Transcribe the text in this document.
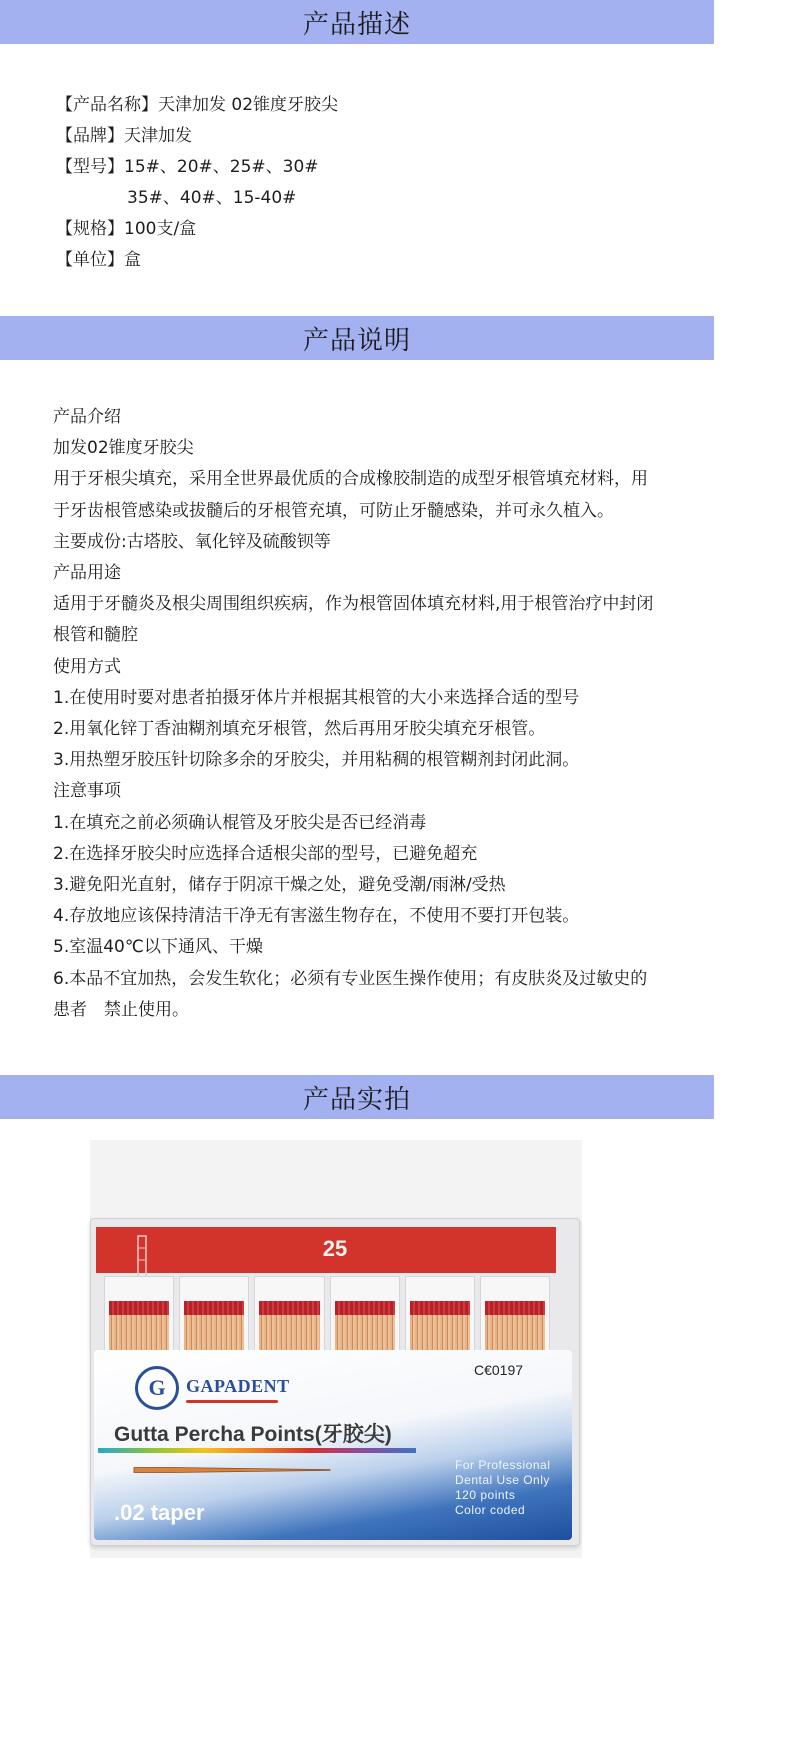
产品描述
【产品名称】天津加发 02锥度牙胶尖
【品牌】天津加发
【型号】15#、20#、25#、30#
35#、40#、15-40#
【规格】100支/盒
【单位】盒
产品说明

产品介绍

加发02锥度牙胶尖

用于牙根尖填充，采用全世界最优质的合成橡胶制造的成型牙根管填充材料，用于牙齿根管感染或拔髓后的牙根管充填，可防止牙髓感染，并可永久植入。

主要成份:古塔胶、氧化锌及硫酸钡等

产品用途

适用于牙髓炎及根尖周围组织疾病，作为根管固体填充材料,用于根管治疗中封闭根管和髓腔

使用方式

1.在使用时要对患者拍摄牙体片并根据其根管的大小来选择合适的型号

2.用氧化锌丁香油糊剂填充牙根管，然后再用牙胶尖填充牙根管。

3.用热塑牙胶压针切除多余的牙胶尖，并用粘稠的根管糊剂封闭此洞。

注意事项

1.在填充之前必须确认棍管及牙胶尖是否已经消毒

2.在选择牙胶尖时应选择合适根尖部的型号，已避免超充

3.避免阳光直射，储存于阴凉干燥之处，避免受潮/雨淋/受热

4.存放地应该保持清洁干净无有害滋生物存在，不使用不要打开包装。

5.室温40℃以下通风、干燥

6.本品不宜加热，会发生软化；必须有专业医生操作使用；有皮肤炎及过敏史的患者　禁止使用。

产品实拍
25
G GAPADENT
C€0197
Gutta Percha Points(牙胶尖)
.02 taper
For Professional
Dental Use Only
120 points
Color coded
